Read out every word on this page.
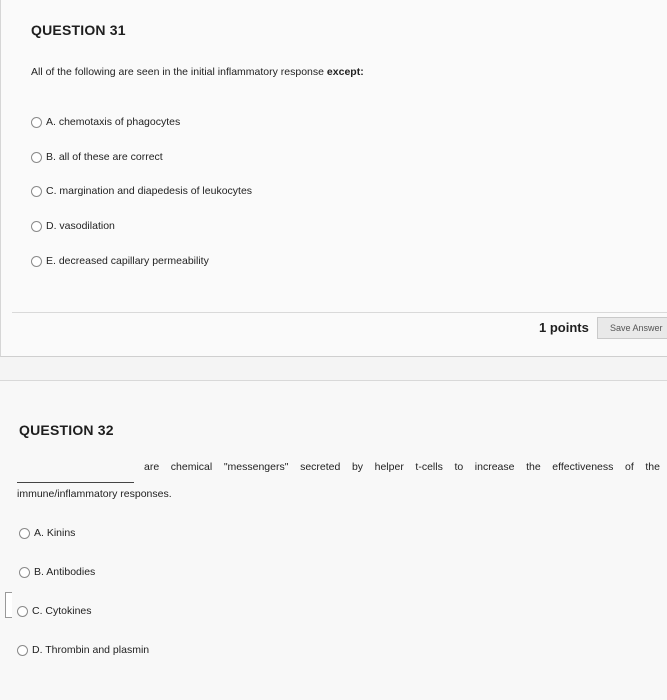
QUESTION 31
All of the following are seen in the initial inflammatory response except:
A. chemotaxis of phagocytes
B. all of these are correct
C. margination and diapedesis of leukocytes
D. vasodilation
E. decreased capillary permeability
1 points	Save Answer
QUESTION 32
are chemical "messengers" secreted by helper t-cells to increase the effectiveness of the
immune/inflammatory responses.
A. Kinins
B. Antibodies
C. Cytokines
D. Thrombin and plasmin
